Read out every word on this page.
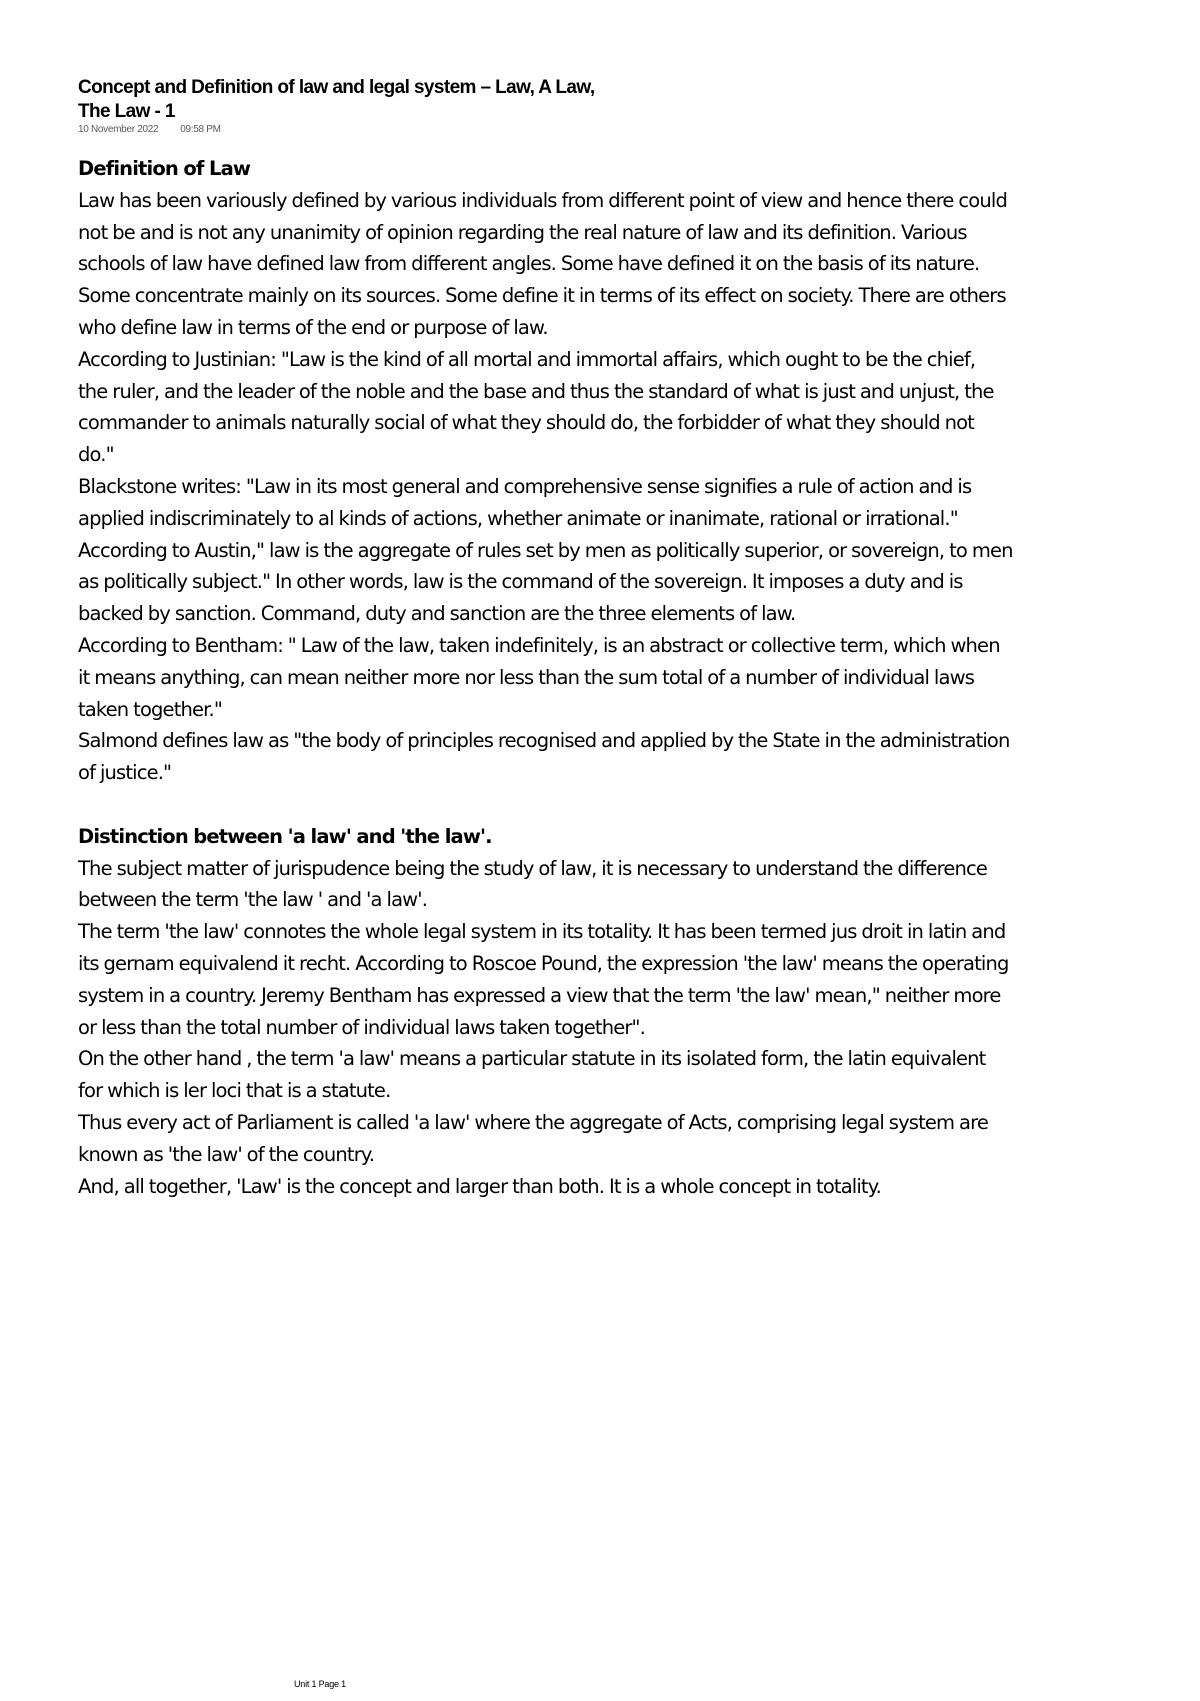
Concept and Definition of law and legal system – Law, A Law,
The Law - 1
10 November 2022 09:58 PM
Definition of Law
Law has been variously defined by various individuals from different point of view and hence there could
not be and is not any unanimity of opinion regarding the real nature of law and its definition. Various
schools of law have defined law from different angles. Some have defined it on the basis of its nature.
Some concentrate mainly on its sources. Some define it in terms of its effect on society. There are others
who define law in terms of the end or purpose of law.
According to Justinian: "Law is the kind of all mortal and immortal affairs, which ought to be the chief,
the ruler, and the leader of the noble and the base and thus the standard of what is just and unjust, the
commander to animals naturally social of what they should do, the forbidder of what they should not
do."
Blackstone writes: "Law in its most general and comprehensive sense signifies a rule of action and is
applied indiscriminately to al kinds of actions, whether animate or inanimate, rational or irrational."
According to Austin," law is the aggregate of rules set by men as politically superior, or sovereign, to men
as politically subject." In other words, law is the command of the sovereign. It imposes a duty and is
backed by sanction. Command, duty and sanction are the three elements of law.
According to Bentham: " Law of the law, taken indefinitely, is an abstract or collective term, which when
it means anything, can mean neither more nor less than the sum total of a number of individual laws
taken together."
Salmond defines law as "the body of principles recognised and applied by the State in the administration
of justice."
Distinction between 'a law' and 'the law'.
The subject matter of jurispudence being the study of law, it is necessary to understand the difference
between the term 'the law ' and 'a law'.
The term 'the law' connotes the whole legal system in its totality. It has been termed jus droit in latin and
its gernam equivalend it recht. According to Roscoe Pound, the expression 'the law' means the operating
system in a country. Jeremy Bentham has expressed a view that the term 'the law' mean," neither more
or less than the total number of individual laws taken together".
On the other hand , the term 'a law' means a particular statute in its isolated form, the latin equivalent
for which is ler loci that is a statute.
Thus every act of Parliament is called 'a law' where the aggregate of Acts, comprising legal system are
known as 'the law' of the country.
And, all together, 'Law' is the concept and larger than both. It is a whole concept in totality.
Unit 1 Page 1
